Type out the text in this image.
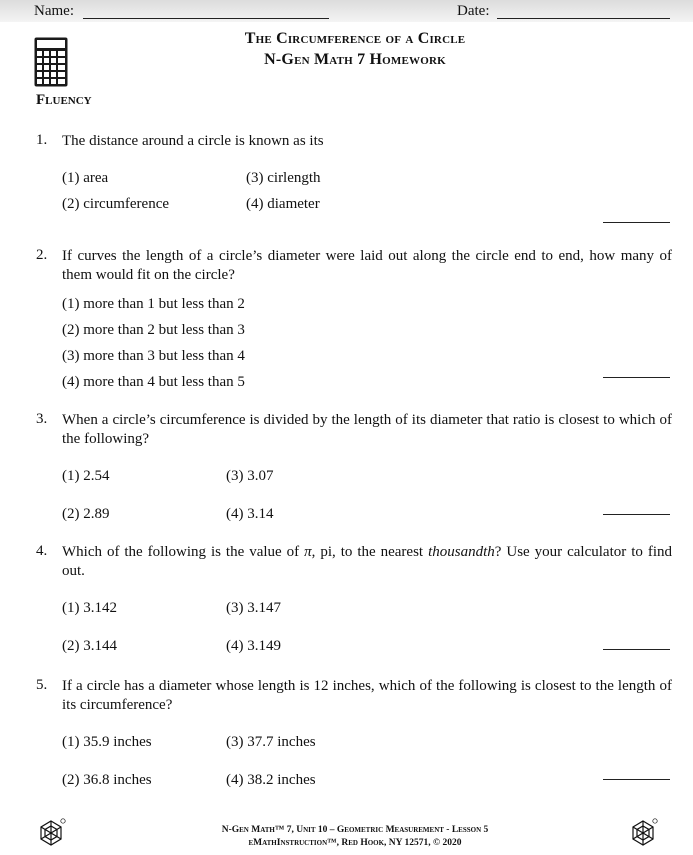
Name:	Date:
The Circumference of a Circle
N-Gen Math 7 Homework
Fluency
1. The distance around a circle is known as its
(1) area	(3) cirlength
(2) circumference	(4) diameter
2. If curves the length of a circle’s diameter were laid out along the circle end to end, how many of them would fit on the circle?
(1) more than 1 but less than 2
(2) more than 2 but less than 3
(3) more than 3 but less than 4
(4) more than 4 but less than 5
3. When a circle’s circumference is divided by the length of its diameter that ratio is closest to which of the following?
(1) 2.54	(3) 3.07
(2) 2.89	(4) 3.14
4. Which of the following is the value of π, pi, to the nearest thousandth? Use your calculator to find out.
(1) 3.142	(3) 3.147
(2) 3.144	(4) 3.149
5. If a circle has a diameter whose length is 12 inches, which of the following is closest to the length of its circumference?
(1) 35.9 inches	(3) 37.7 inches
(2) 36.8 inches	(4) 38.2 inches
N-Gen Math™ 7, Unit 10 – Geometric Measurement - Lesson 5
eMathInstruction™, Red Hook, NY 12571, © 2020
